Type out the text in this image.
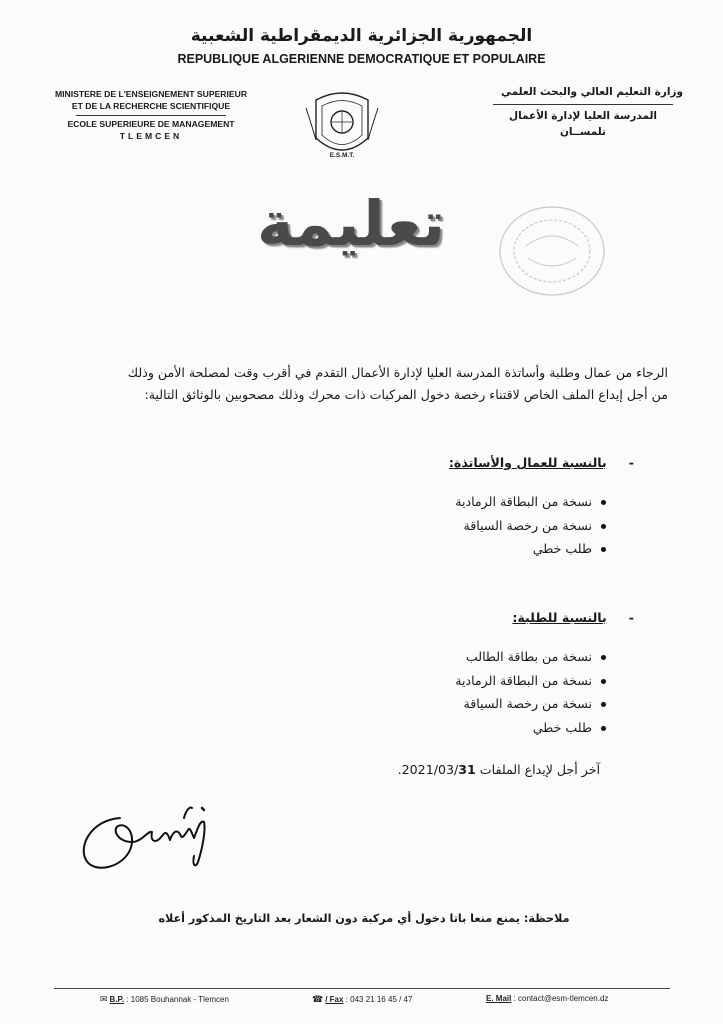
الجمهورية الجزائرية الديمقراطية الشعبية
REPUBLIQUE ALGERIENNE DEMOCRATIQUE ET POPULAIRE
MINISTERE DE L'ENSEIGNEMENT SUPERIEUR
ET DE LA RECHERCHE SCIENTIFIQUE
ECOLE SUPERIEURE DE MANAGEMENT
TLEMCEN
وزارة التعليم العالي والبحث العلمي
المدرسة العليا لإدارة الأعمال
تلمســان
E.S.M.T.
تعليمة
الرجاء من عمال وطلبة وأساتذة المدرسة العليا لإدارة الأعمال التقدم في أقرب وقت لمصلحة الأمن وذلك
من أجل إيداع الملف الخاص لاقتناء رخصة دخول المركبات ذات محرك وذلك مصحوبين بالوثائق التالية:
-بالنسبة للعمال والأساتذة:
نسخة من البطاقة الرمادية
نسخة من رخصة السياقة
طلب خطي
-بالنسبة للطلبة:
نسخة من بطاقة الطالب
نسخة من البطاقة الرمادية
نسخة من رخصة السياقة
طلب خطي
آخر أجل لإيداع الملفات 2021/03/31.
ملاحظة: يمنع منعا باتا دخول أي مركبة دون الشعار بعد التاريخ المذكور أعلاه
✉ B.P. : 1085 Bouhannak - Tlemcen	☎ / Fax : 043 21 16 45 / 47	E. Mail : contact@esm-tlemcen.dz
